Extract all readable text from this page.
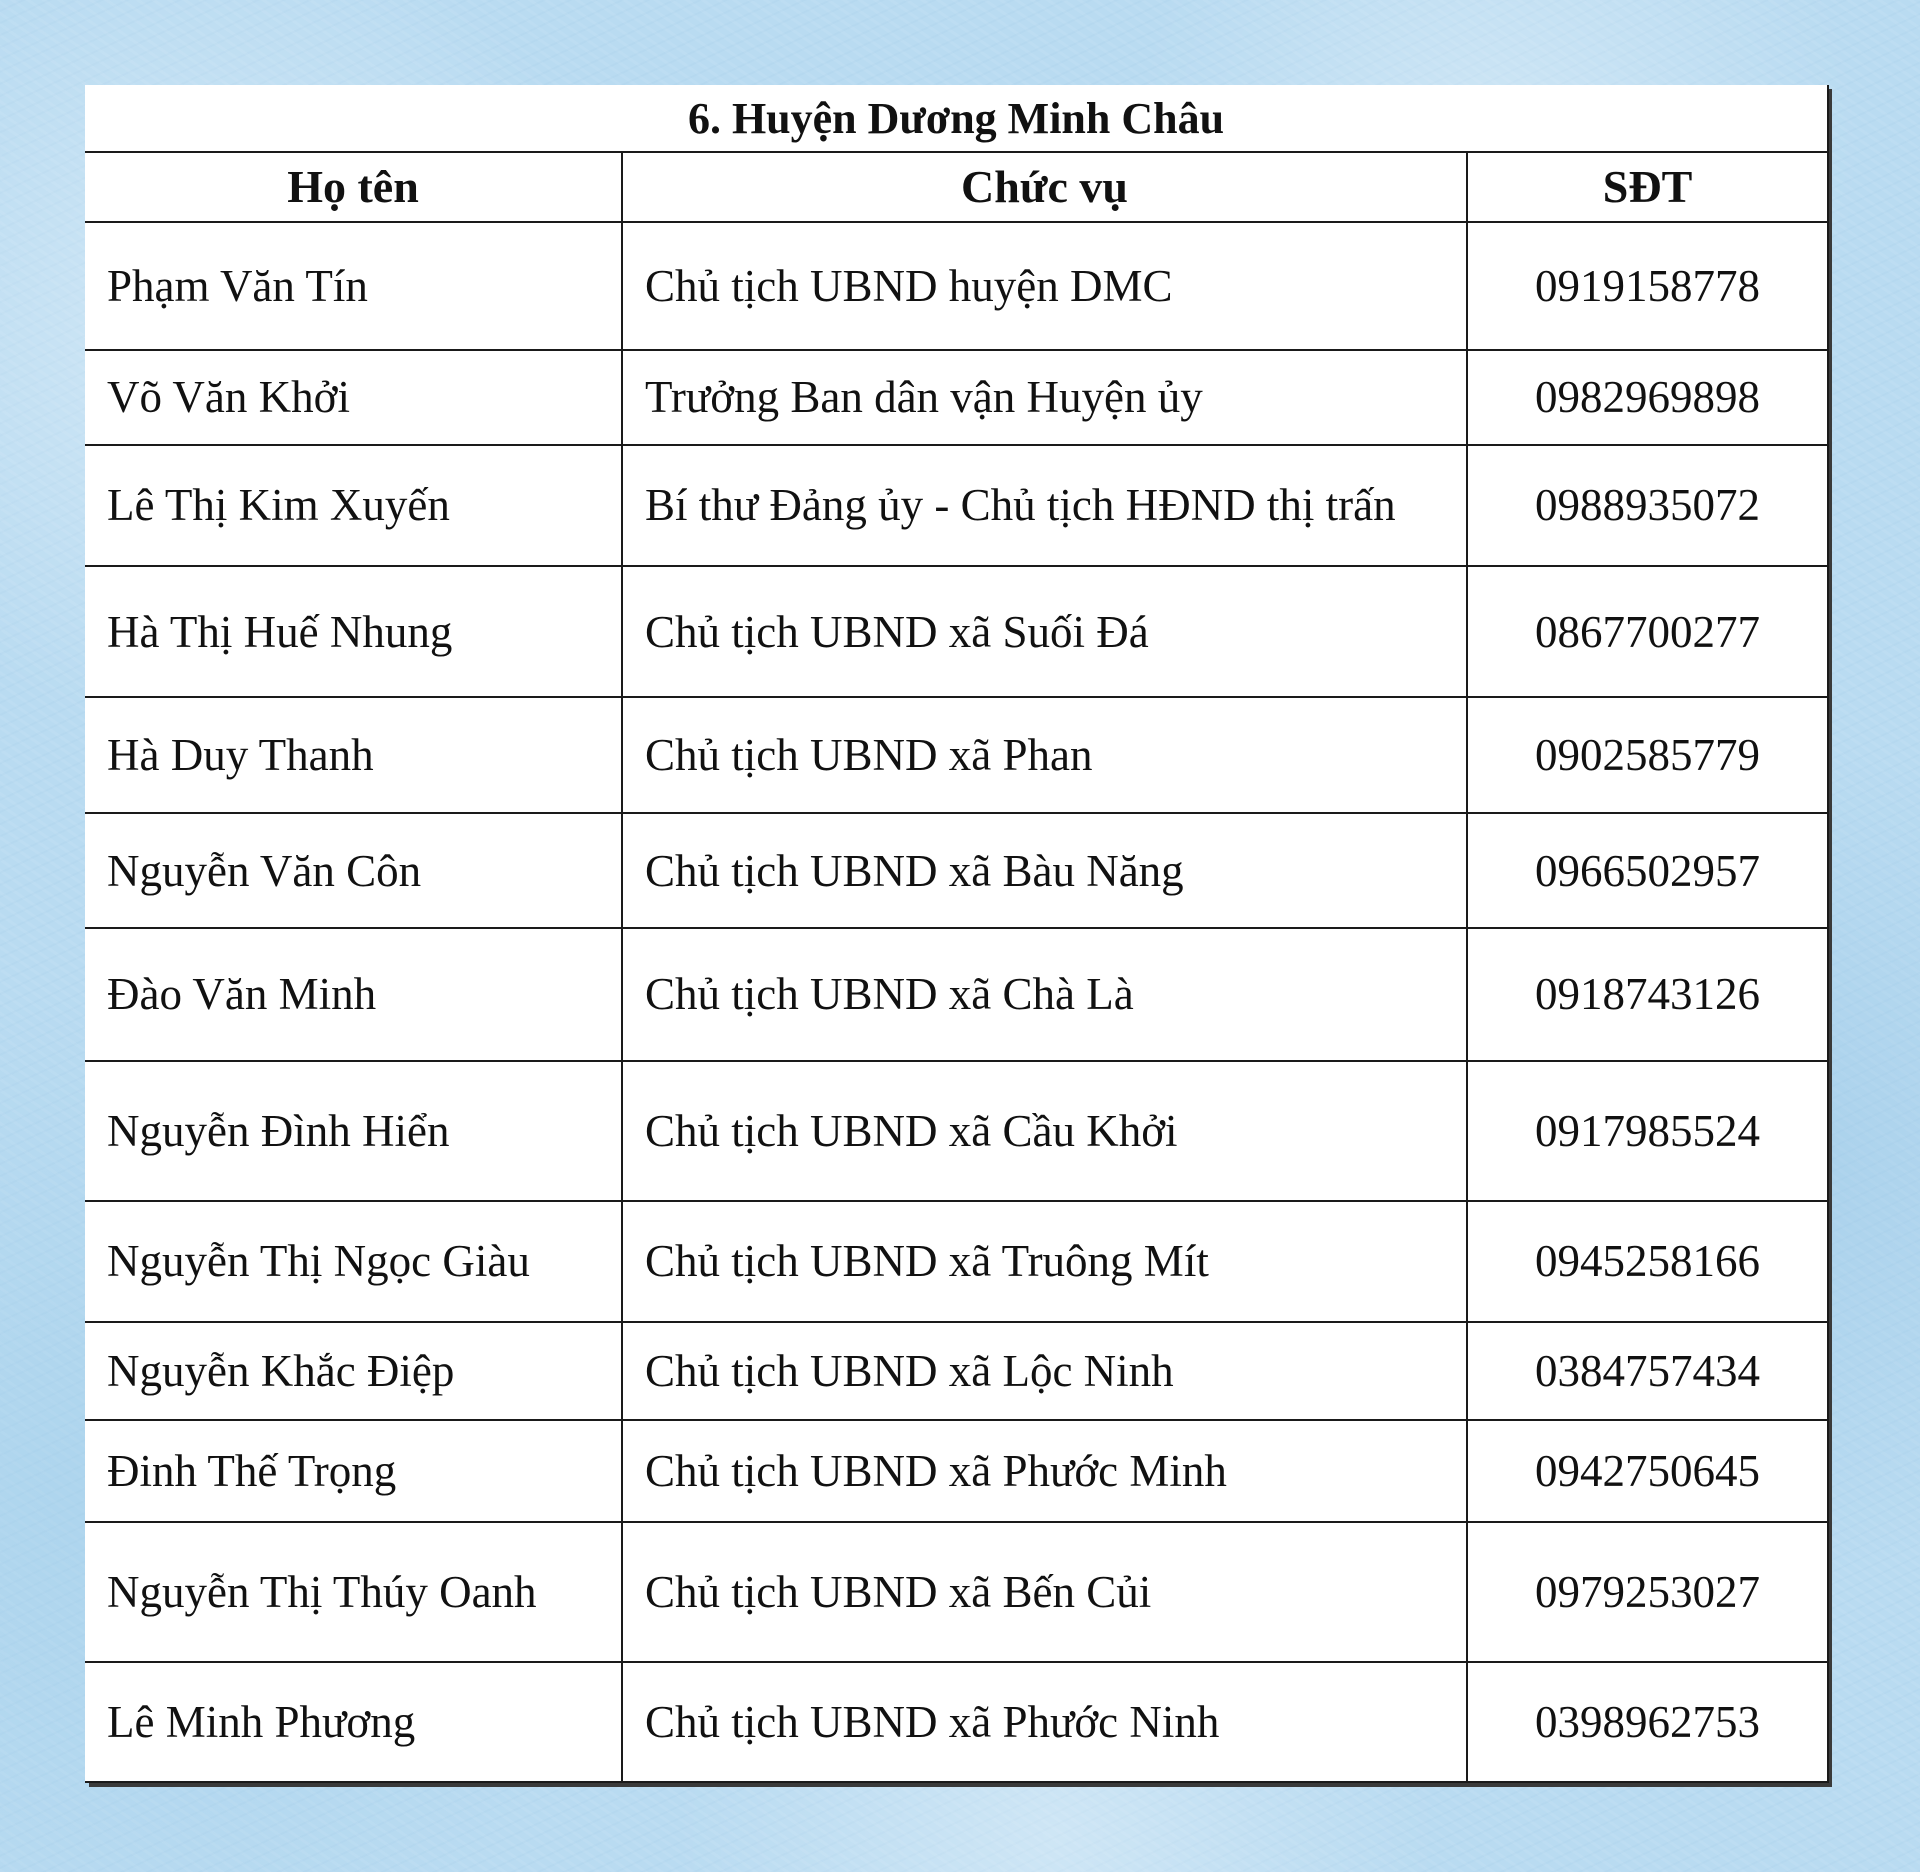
6. Huyện Dương Minh Châu		
Họ tên	Chức vụ	SĐT
Phạm Văn Tín	Chủ tịch UBND huyện DMC	0919158778
Võ Văn Khởi	Trưởng Ban dân vận Huyện ủy	0982969898
Lê Thị Kim Xuyến	Bí thư Đảng ủy - Chủ tịch HĐND thị trấn	0988935072
Hà Thị Huế Nhung	Chủ tịch UBND xã Suối Đá	0867700277
Hà Duy Thanh	Chủ tịch UBND xã Phan	0902585779
Nguyễn Văn Côn	Chủ tịch UBND xã Bàu Năng	0966502957
Đào Văn Minh	Chủ tịch UBND xã Chà Là	0918743126
Nguyễn Đình Hiển	Chủ tịch UBND xã Cầu Khởi	0917985524
Nguyễn Thị Ngọc Giàu	Chủ tịch UBND xã Truông Mít	0945258166
Nguyễn Khắc Điệp	Chủ tịch UBND xã Lộc Ninh	0384757434
Đinh Thế Trọng	Chủ tịch UBND xã Phước Minh	0942750645
Nguyễn Thị Thúy Oanh	Chủ tịch UBND xã Bến Củi	0979253027
Lê Minh Phương	Chủ tịch UBND xã Phước Ninh	0398962753
